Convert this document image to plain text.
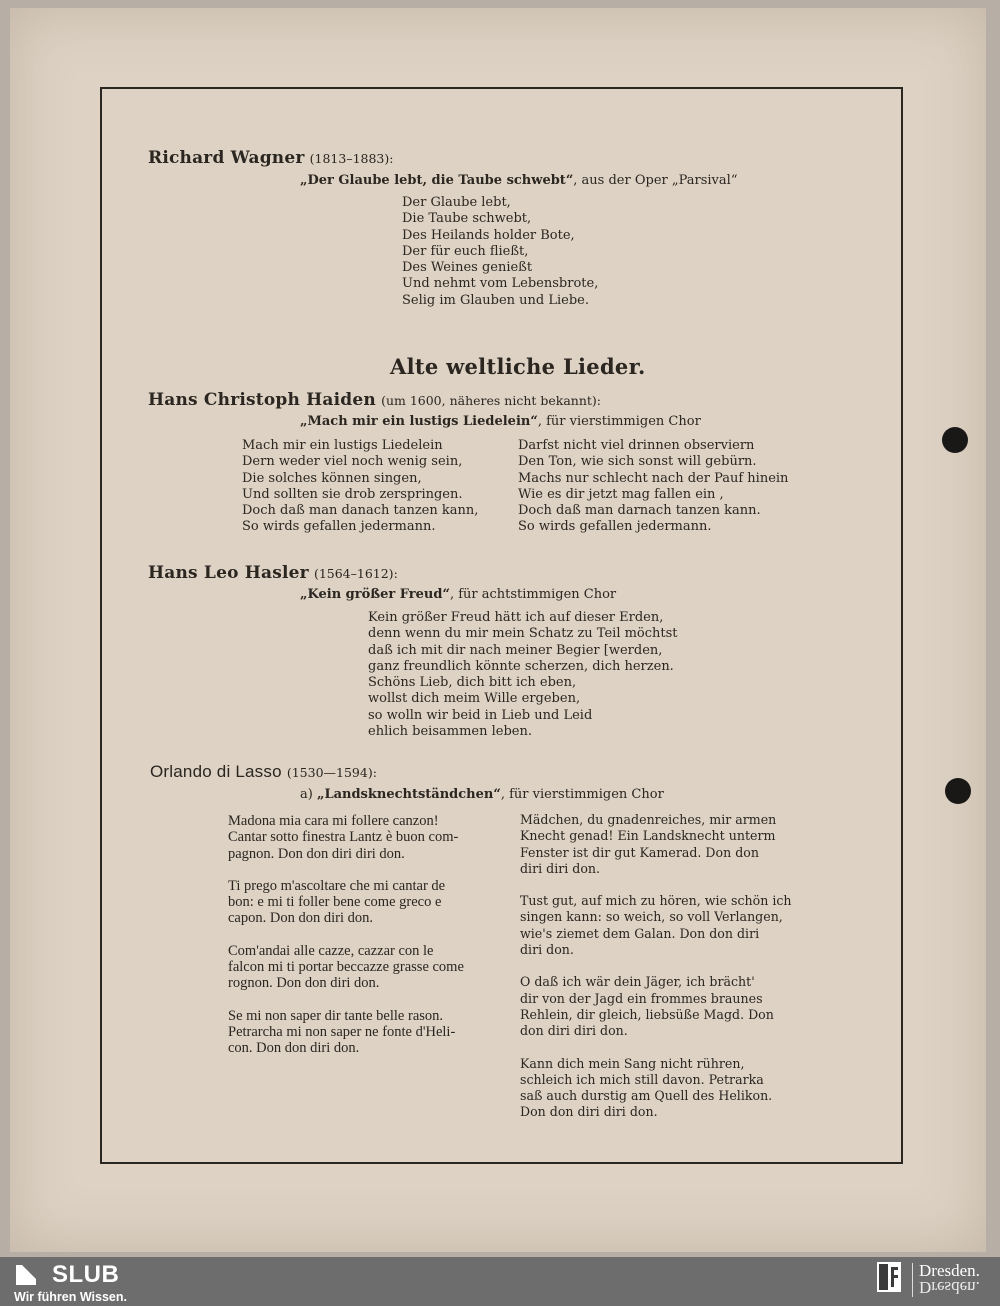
Richard Wagner (1813–1883):
„Der Glaube lebt, die Taube schwebt“, aus der Oper „Parsival“
Der Glaube lebt,
Die Taube schwebt,
Des Heilands holder Bote,
Der für euch fließt,
Des Weines genießt
Und nehmt vom Lebensbrote,
Selig im Glauben und Liebe.
Alte weltliche Lieder.
Hans Christoph Haiden (um 1600, näheres nicht bekannt):
„Mach mir ein lustigs Liedelein“, für vierstimmigen Chor
Mach mir ein lustigs Liedelein
Dern weder viel noch wenig sein,
Die solches können singen,
Und sollten sie drob zerspringen.
Doch daß man danach tanzen kann,
So wirds gefallen jedermann.
Darfst nicht viel drinnen observiern
Den Ton, wie sich sonst will gebürn.
Machs nur schlecht nach der Pauf hinein
Wie es dir jetzt mag fallen ein ,
Doch daß man darnach tanzen kann.
So wirds gefallen jedermann.
Hans Leo Hasler (1564–1612):
„Kein größer Freud“, für achtstimmigen Chor
Kein größer Freud hätt ich auf dieser Erden,
denn wenn du mir mein Schatz zu Teil möchtst
daß ich mit dir nach meiner Begier [werden,
ganz freundlich könnte scherzen, dich herzen.
Schöns Lieb, dich bitt ich eben,
wollst dich meim Wille ergeben,
so wolln wir beid in Lieb und Leid
ehlich beisammen leben.
Orlando di Lasso (1530—1594):
a) „Landsknechtständchen“, für vierstimmigen Chor
Madona mia cara mi follere canzon!
Cantar sotto finestra Lantz è buon com-
pagnon. Don don diri diri don.
Ti prego m'ascoltare che mi cantar de
bon: e mi ti foller bene come greco e
capon. Don don diri don.
Com'andai alle cazze, cazzar con le
falcon mi ti portar beccazze grasse come
rognon. Don don diri don.
Se mi non saper dir tante belle rason.
Petrarcha mi non saper ne fonte d'Heli-
con. Don don diri don.
Mädchen, du gnadenreiches, mir armen
Knecht genad! Ein Landsknecht unterm
Fenster ist dir gut Kamerad. Don don
diri diri don.
Tust gut, auf mich zu hören, wie schön ich
singen kann: so weich, so voll Verlangen,
wie's ziemet dem Galan. Don don diri
diri don.
O daß ich wär dein Jäger, ich brächt'
dir von der Jagd ein frommes braunes
Rehlein, dir gleich, liebsüße Magd. Don
don diri diri don.
Kann dich mein Sang nicht rühren,
schleich ich mich still davon. Petrarka
saß auch durstig am Quell des Helikon.
Don don diri diri don.
SLUB
Wir führen Wissen.
Dresden.
Dresden.
